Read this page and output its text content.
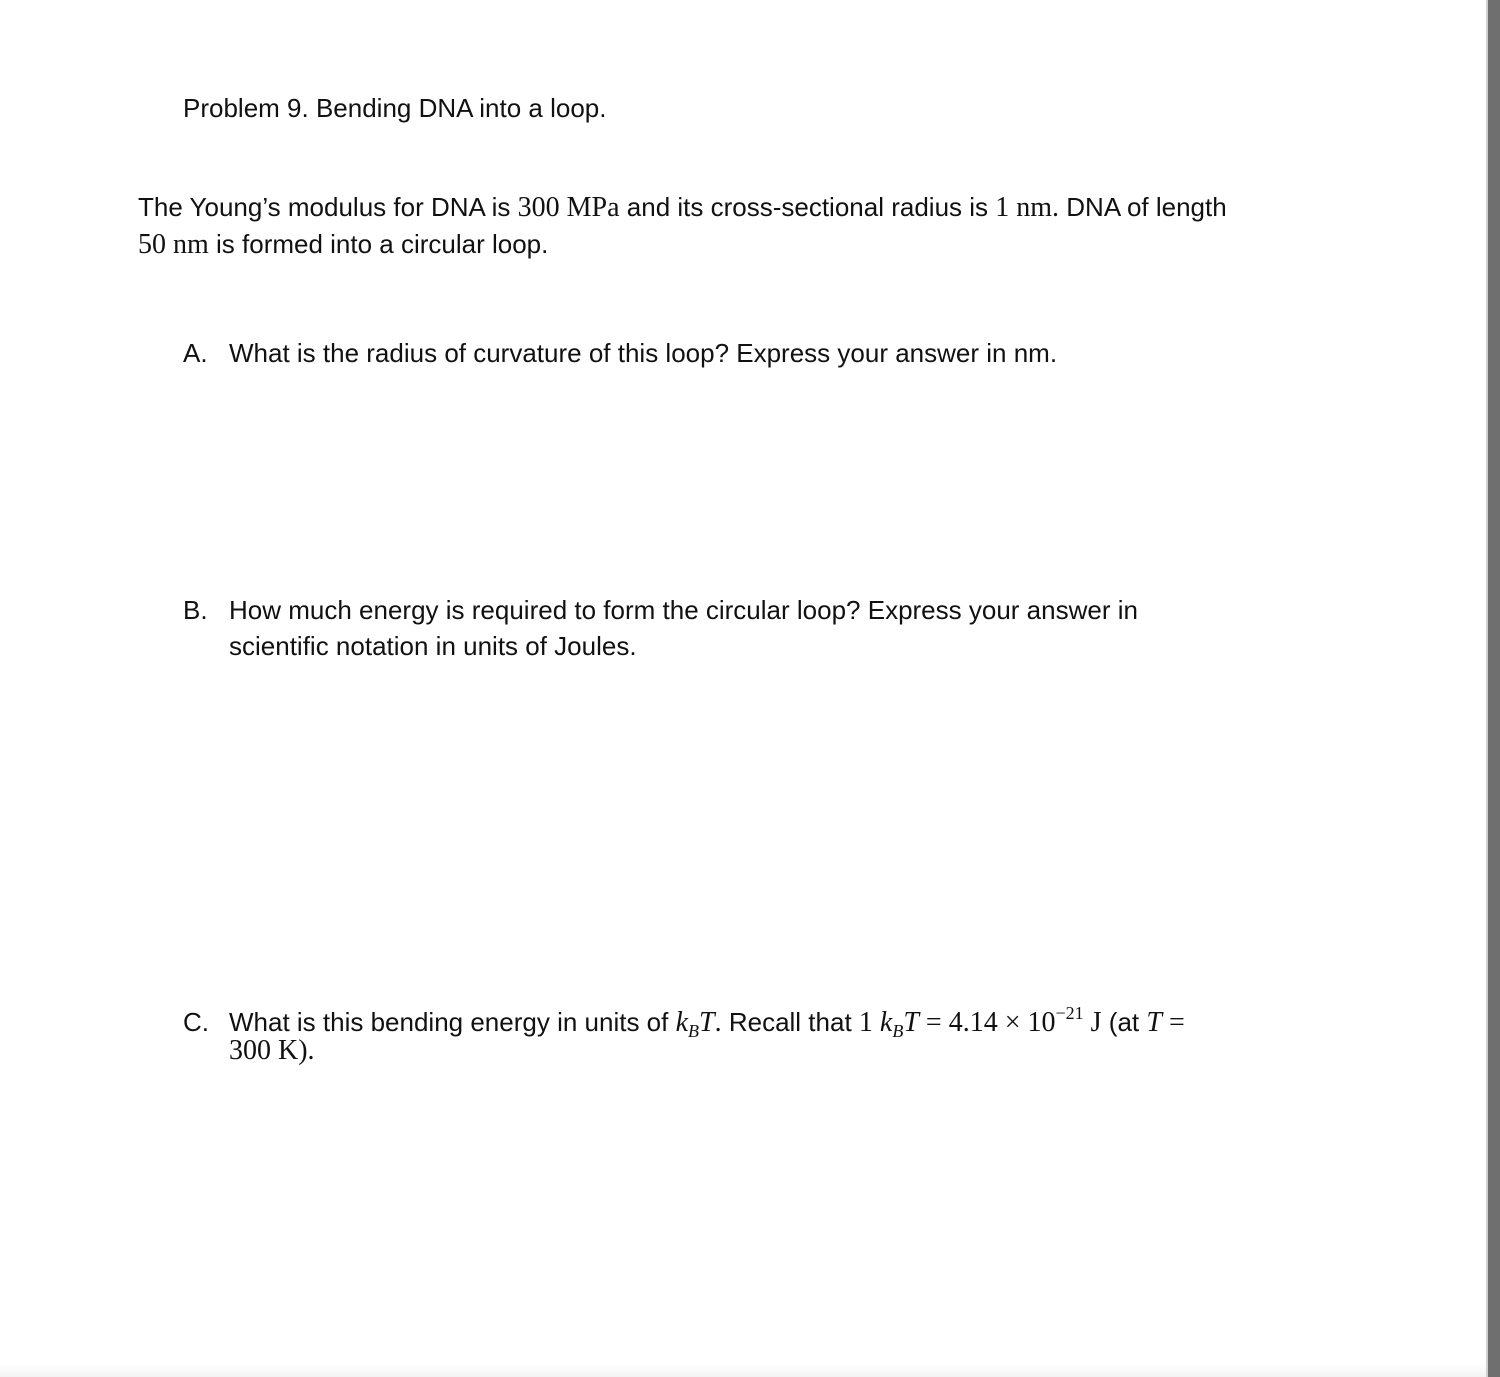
Problem 9. Bending DNA into a loop.
The Young’s modulus for DNA is 300 MPa and its cross-sectional radius is 1 nm. DNA of length
50 nm is formed into a circular loop.
A. What is the radius of curvature of this loop? Express your answer in nm.
B. How much energy is required to form the circular loop? Express your answer in
scientific notation in units of Joules.
C. What is this bending energy in units of $k_BT$. Recall that 1 $k_BT = 4.14 \times 10^{-21}$ J (at T =
300 K).
